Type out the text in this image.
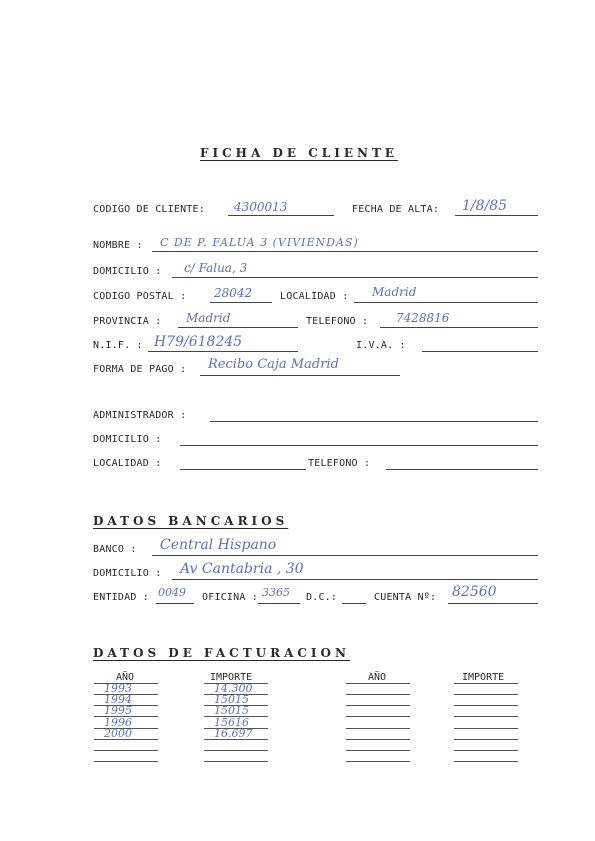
FICHA DE CLIENTE
CODIGO DE CLIENTE: 4300013	FECHA DE ALTA: 1/8/85
NOMBRE : C DE P. FALUA 3 (VIVIENDAS)
DOMICILIO : c/ Falua, 3
CODIGO POSTAL : 28042	LOCALIDAD : Madrid
PROVINCIA : Madrid	TELEFONO : 7428816
N.I.F. : H79/618245	I.V.A. :
FORMA DE PAGO : Recibo Caja Madrid
ADMINISTRADOR :
DOMICILIO :
LOCALIDAD :	TELEFONO :
DATOS BANCARIOS
BANCO : Central Hispano
DOMICILIO : Av Cantabria , 30
ENTIDAD : 0049 OFICINA : 3365 D.C.:	CUENTA Nº: 82560
DATOS DE FACTURACION
AÑO	IMPORTE	AÑO	IMPORTE
1993	14.300
1994	15015
1995	15015
1996	15616
2000	16.697
